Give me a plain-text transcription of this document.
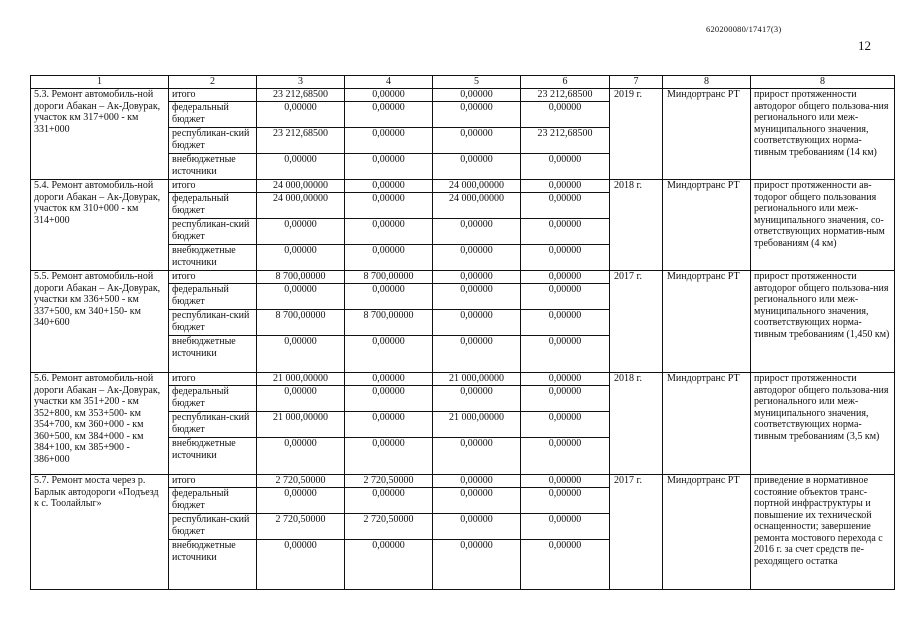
620200080/17417(3)
12
1	2	3	4	5	6	7	8	8
5.3. Ремонт автомобиль-ной дороги Абакан – Ак-Довурак, участок км 317+000 - км 331+000	итого	23 212,68500	0,00000	0,00000	23 212,68500	2019 г.	Миндортранс РТ	прирост протяженности автодорог общего пользова-ния регионального или меж-муниципального значения, соответствующих норма-тивным требованиям (14 км)
	федеральный бюджет	0,00000	0,00000	0,00000	0,00000			
	республикан-ский бюджет	23 212,68500	0,00000	0,00000	23 212,68500			
	внебюджетные источники	0,00000	0,00000	0,00000	0,00000			
5.4. Ремонт автомобиль-ной дороги Абакан – Ак-Довурак, участок км 310+000 - км 314+000	итого	24 000,00000	0,00000	24 000,00000	0,00000	2018 г.	Миндортранс РТ	прирост протяженности ав-тодорог общего пользования регионального или меж-муниципального значения, со-ответствующих норматив-ным требованиям (4 км)
	федеральный бюджет	24 000,00000	0,00000	24 000,00000	0,00000			
	республикан-ский бюджет	0,00000	0,00000	0,00000	0,00000			
	внебюджетные источники	0,00000	0,00000	0,00000	0,00000			
5.5. Ремонт автомобиль-ной дороги Абакан – Ак-Довурак, участки км 336+500 - км 337+500, км 340+150- км 340+600	итого	8 700,00000	8 700,00000	0,00000	0,00000	2017 г.	Миндортранс РТ	прирост протяженности автодорог общего пользова-ния регионального или меж-муниципального значения, соответствующих норма-тивным требованиям (1,450 км)
	федеральный бюджет	0,00000	0,00000	0,00000	0,00000			
	республикан-ский бюджет	8 700,00000	8 700,00000	0,00000	0,00000			
	внебюджетные источники	0,00000	0,00000	0,00000	0,00000			
5.6. Ремонт автомобиль-ной дороги Абакан – Ак-Довурак, участки км 351+200 - км 352+800, км 353+500- км 354+700, км 360+000 - км 360+500, км 384+000 - км 384+100, км 385+900 - 386+000	итого	21 000,00000	0,00000	21 000,00000	0,00000	2018 г.	Миндортранс РТ	прирост протяженности автодорог общего пользова-ния регионального или меж-муниципального значения, соответствующих норма-тивным требованиям (3,5 км)
	федеральный бюджет	0,00000	0,00000	0,00000	0,00000			
	республикан-ский бюджет	21 000,00000	0,00000	21 000,00000	0,00000			
	внебюджетные источники	0,00000	0,00000	0,00000	0,00000			
5.7. Ремонт моста через р. Барлык автодороги «Подъезд к с. Тоолайлыг»	итого	2 720,50000	2 720,50000	0,00000	0,00000	2017 г.	Миндортранс РТ	приведение в нормативное состояние объектов транс-портной инфраструктуры и повышение их технической оснащенности; завершение ремонта мостового перехода с 2016 г. за счет средств пе-реходящего остатка
	федеральный бюджет	0,00000	0,00000	0,00000	0,00000			
	республикан-ский бюджет	2 720,50000	2 720,50000	0,00000	0,00000			
	внебюджетные источники	0,00000	0,00000	0,00000	0,00000			
